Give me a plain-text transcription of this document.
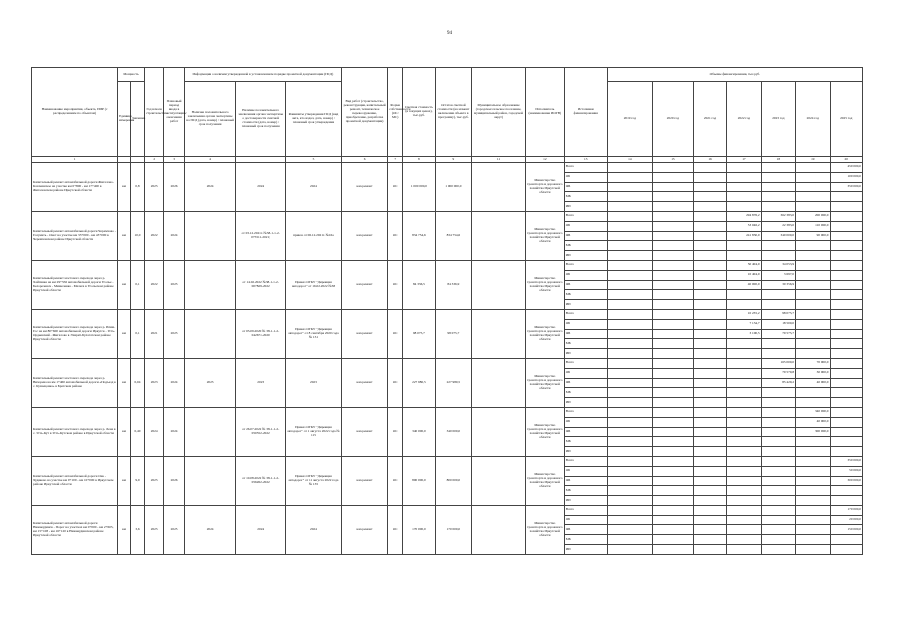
94
Наименование мероприятия, объекта, ПИР (с распределением по объектам)	Мощность		Год начала строительства	Плановый период ввода в эксплуатацию/окончания работ	Информация о наличии утвержденной в установленном порядке проектной документации (ПСД)			Вид работ (строительство, реконструкция, капитальный ремонт, техническое перевооружение, приобретение, разработка проектной документации)	Форма собственности (ОС/МС)	Сметная стоимость (в текущих ценах), тыс.руб.	Остаток сметной стоимости (на момент включения объекта в программу), тыс.руб.	Муниципальное образование (городское/сельское поселение, муниципальный район, городской округ)	Исполнитель (наименование ИОГВ)	Источники финансирования	Объемы финансирования, тыс.руб.						
	Единица измерения	Значение			Наличие положительного заключения органа экспертизы на ПСД (дата, номер) / плановый срок получения	Наличие положительного заключения органа экспертизы о достоверности сметной стоимости (дата, номер) / плановый срок получения	Реквизиты утверждения ПСД (вид акта, кто издал, дата, номер) / плановый срок утверждения								2019 год	2020 год	2021 год	2022 год	2023 год	2024 год	2025 год
1			2	3	4		5	6	7	8	9	11	12	13	14	15	16	17	18	19	20
Капитальный ремонт автомобильной дороги Жигалово-Казачинское на участке км 0+800 - км 17+400 в Жигаловском районе Иркутской области	км	0,8	2025	2026	2024	2024	2024	кап.ремонт	ОС	1 000 000,0	1 000 000,0		Министерство транспорта и дорожного хозяйства Иркутской области	Всего							450 000,0
														ОБ							100 000,0
														ФБ							350 000,0
														МБ							
														ИИ							
Капитальный ремонт автомобильной дороги Черемхово - Голуметь - Онот на участке км 33+000 - км 43+000 в Черемховском районе Иркутской области	км	10,0	2022	2024		от 03.12.2021г. №38-1-1-2-075511-2021;	приказ от 06.12.2021г. №16а	кап.ремонт	ОС	834 754,6	834 754,6		Министерство транспорта и дорожного хозяйства Иркутской области	Всего				294 876,2	362 383,0	200 000,0	
														ОБ				53 046,2	22 383,0	110 000,0	
														ФБ				241 830,0	340 000,0	90 000,0	
														МБ							
														ИИ							
Капитальный ремонт мостового перехода через р. Хайтинка на км 29+556 автомобильной дороги Усолье - Белореченск - Мишелевка - Мальта в Усольском районе Иркутской области	км	0,1	2022	2023		от 14.02.2022 №38-1-1-2-007829-2022	Приказ ОГКУ "Дирекция автодорог" от 16.02.2022 №38	кап.ремонт	ОС	84 336,5	84 336,9		Министерство транспорта и дорожного хозяйства Иркутской области	Всего				50 404,0	34 053,9		
														ОБ				10 404,0	3 697,0		
														ФБ				40 000,0	30 356,9		
														МБ							
														ИИ							
Капитальный ремонт мостового перехода через р. Илим-Гос на км 80+600 автомобильной дороги Иркутск - Усть-Ордынский - Жигалово в Эхирит-Булагатском районе Иркутской области	км	0,1	2021	2023		от 03.09.2020 № 38-1-1-2-042671-2020	Приказ ОГКУ "Дирекция автодорог" от 8 сентября 2020 года № 131	кап.ремонт	ОС	98 075,7	98 075,7		Министерство транспорта и дорожного хозяйства Иркутской области	Всего				10 235,2	98 075,7		
														ОБ				7 134,7	18 500,0		
														ФБ				3 100,5	79 575,7		
														МБ							
														ИИ							
Капитальный ремонт мостового перехода через р. Вихорева на км 1+460 автомобильной дороги «Подъезд к с. Кузнецовка» в Братском районе	км	0,04	2023	2024	2023	2023	2023	кап.ремонт	ОС	227 980,5	227 980,5		Министерство транспорта и дорожного хозяйства Иркутской области	Всего					165 000,0	70 000,0	
														ОБ					79 570,8	30 000,0	
														ФБ					85 429,2	40 000,0	
														МБ							
														ИИ							
Капитальный ремонт мостового перехода через р. Лена в с. Усть-Кут в Усть-Кутском районе в Иркутской области	км	0,40	2024	2024		от 26.07.2022 № 38-1-1-2-050552-2022	Приказ ОГКУ "Дирекция автодорог" от 1 августа 2022 года № 115	кап.ремонт	ОС	340 000,0	340 000,0		Министерство транспорта и дорожного хозяйства Иркутской области	Всего						340 000,0	
														ОБ						40 000,0	
														ФБ						300 000,0	
														МБ							
														ИИ							
Капитальный ремонт автомобильной дороги Оек - Худяково на участке км 0+100 - км 10+000 в Иркутском районе Иркутской области	км	9,9	2025	2026		от 10.08.2022 № 38-1-1-2-056262-2022	Приказ ОГКУ "Дирекция автодорог" от 11 августа 2022 года № 135	кап.ремонт	ОС	800 000,0	800 000,0		Министерство транспорта и дорожного хозяйства Иркутской области	Всего							350 000,0
														ОБ							50 000,0
														ФБ							300 000,0
														МБ							
														ИИ							
Капитальный ремонт автомобильной дороги Нижнеудинск - Порог на участках км 0+000 - км 2+605, км 15+108 - км 16+120 в Нижнеудинском районе Иркутской области	км	3,6	2025	2025	2024	2024	2024	кап.ремонт	ОС	170 000,0	170 000,0		Министерство транспорта и дорожного хозяйства Иркутской области	Всего							170 000,0
														ОБ							20 000,0
														ФБ							150 000,0
														МБ							
														ИИ							
